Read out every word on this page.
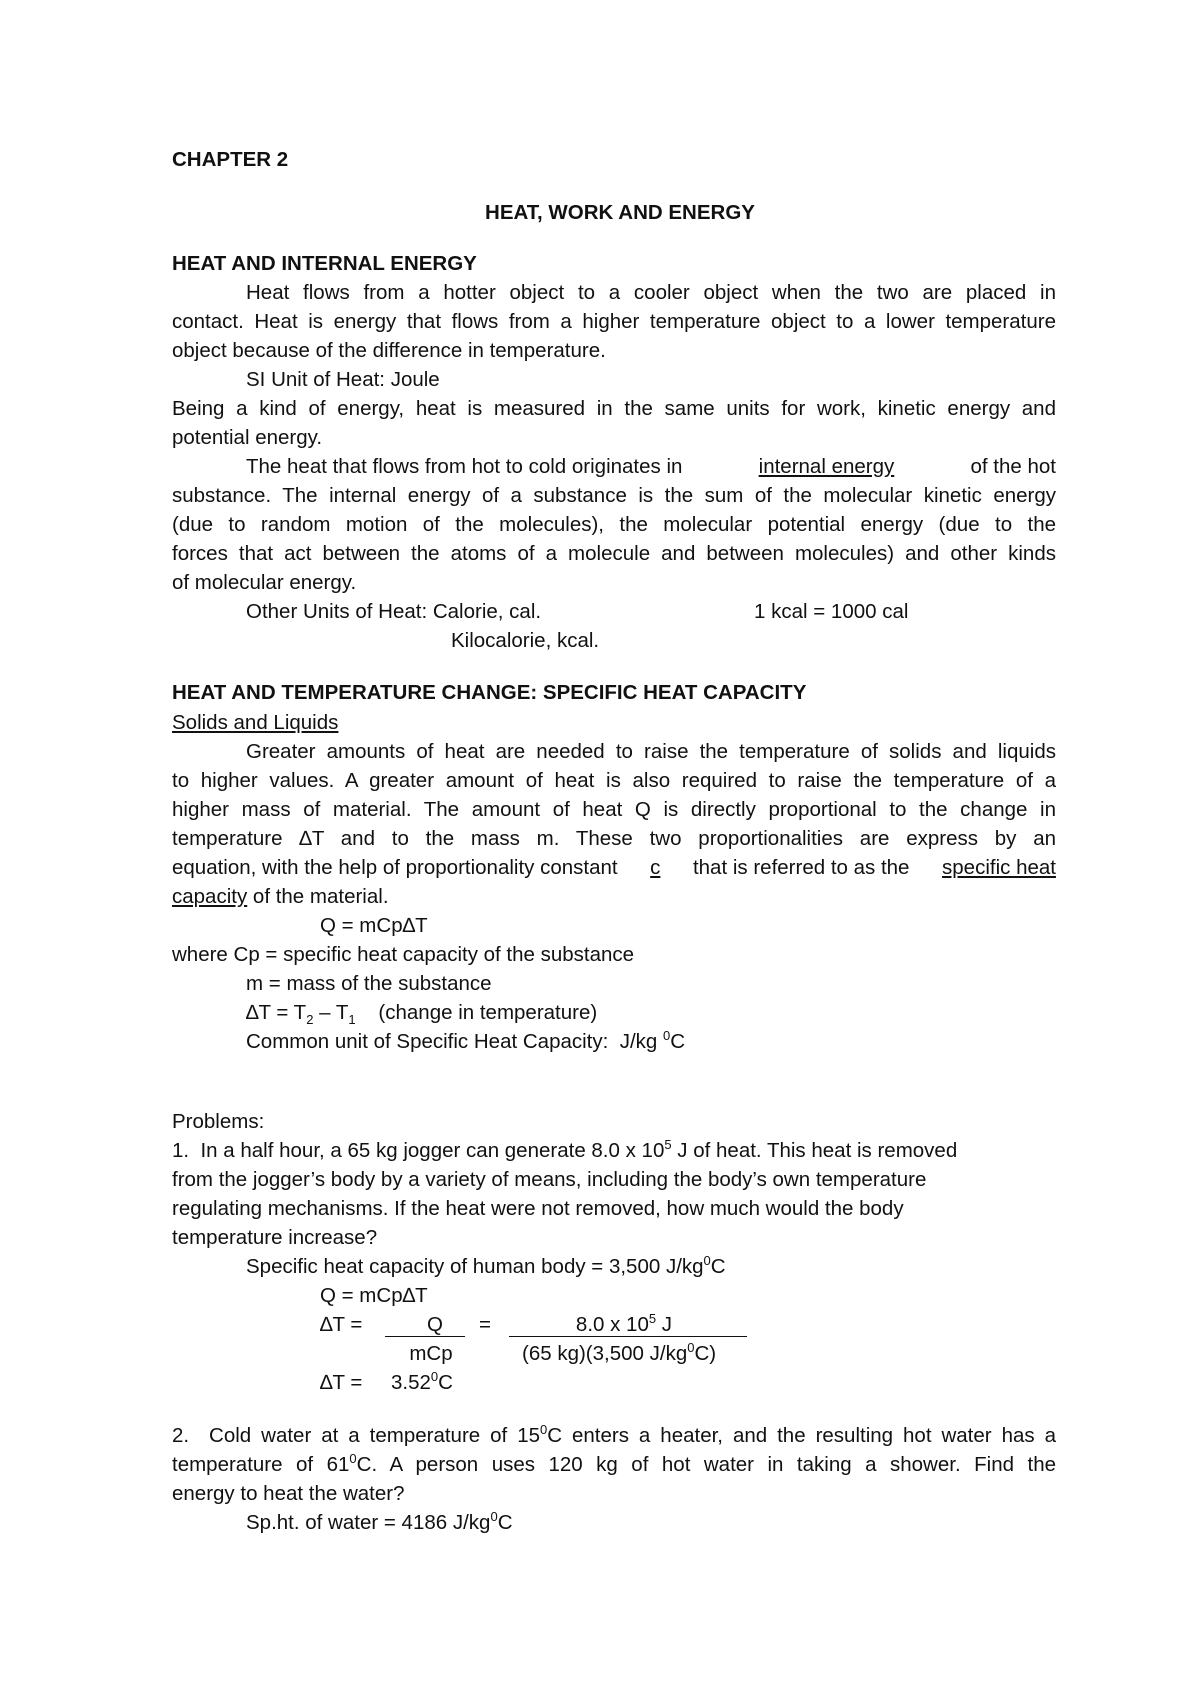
CHAPTER 2
HEAT, WORK AND ENERGY
HEAT AND INTERNAL ENERGY
Heat flows from a hotter object to a cooler object when the two are placed in
contact. Heat is energy that flows from a higher temperature object to a lower temperature
object because of the difference in temperature.
SI Unit of Heat: Joule
Being a kind of energy, heat is measured in the same units for work, kinetic energy and
potential energy.
The heat that flows from hot to cold originates in	internal energy	of the hot
substance. The internal energy of a substance is the sum of the molecular kinetic energy
(due to random motion of the molecules), the molecular potential energy (due to the
forces that act between the atoms of a molecule and between molecules) and other kinds
of molecular energy.
Other Units of Heat: Calorie, cal.	1 kcal = 1000 cal
Kilocalorie, kcal.
HEAT AND TEMPERATURE CHANGE: SPECIFIC HEAT CAPACITY
Solids and Liquids
Greater amounts of heat are needed to raise the temperature of solids and liquids
to higher values. A greater amount of heat is also required to raise the temperature of a
higher mass of material. The amount of heat Q is directly proportional to the change in
temperature ∆T and to the mass m. These two proportionalities are express by an
equation, with the help of proportionality constant c that is referred to as the specific heat
capacity of the material.
Q = mCp∆T
where Cp = specific heat capacity of the substance
m = mass of the substance
$\Delta T = T_2 - T_1$    (change in temperature)
Common unit of Specific Heat Capacity:  J/kg $^0$C
Problems:
1.  In a half hour, a 65 kg jogger can generate 8.0 x $10^5$ J of heat. This heat is removed
from the jogger’s body by a variety of means, including the body’s own temperature
regulating mechanisms. If the heat were not removed, how much would the body
temperature increase?
Specific heat capacity of human body = 3,500 $J/kg^0C$
Q = mCp∆T
∆T =	Q	=	8.0 x $10^5$ J
mCp	(65 kg)(3,500 $J/kg^0C$)
$\Delta T = 3.52^0C$
2.  Cold water at a temperature of $15^0C$ enters a heater, and the resulting hot water has a
temperature of $61^0C$. A person uses 120 kg of hot water in taking a shower. Find the
energy to heat the water?
Sp.ht. of water = 4186 $J/kg^0C$
